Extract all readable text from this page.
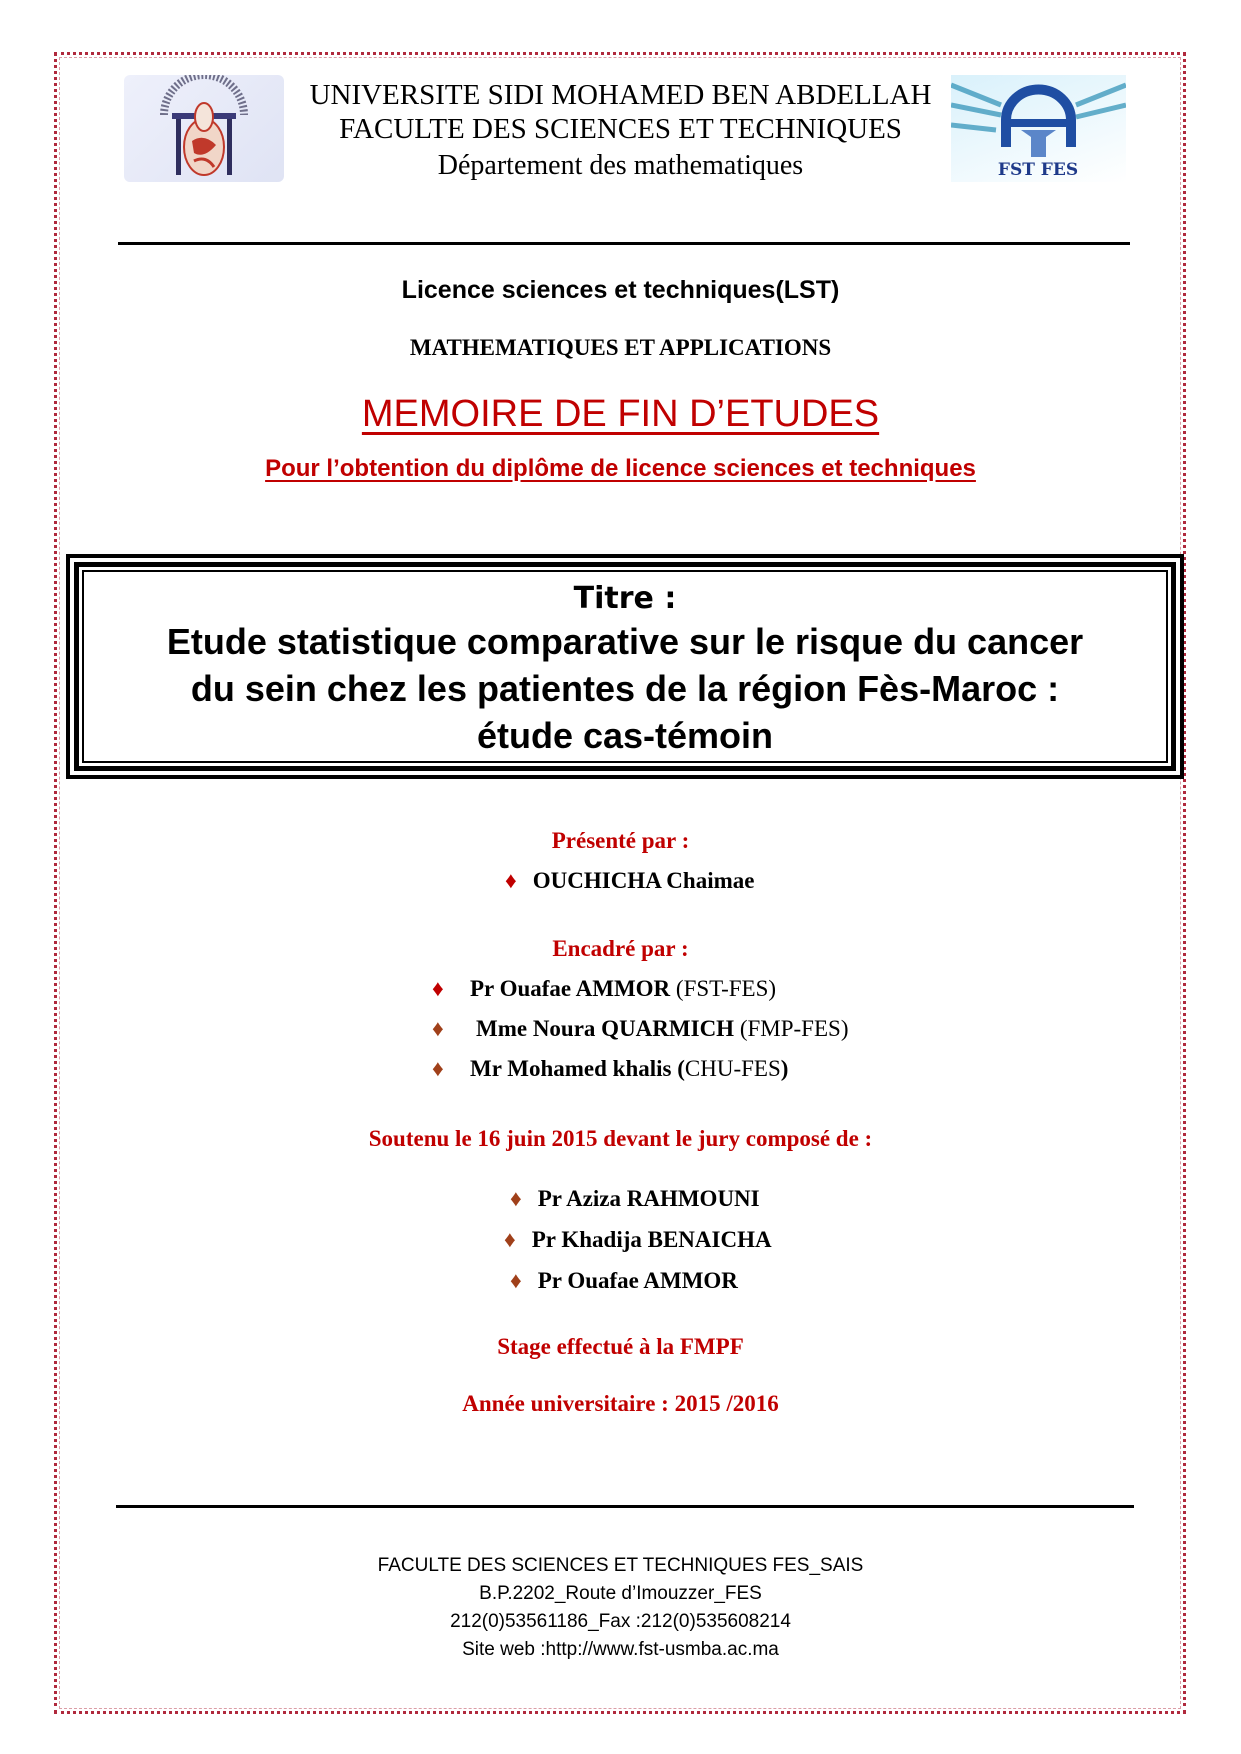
FST FES
UNIVERSITE SIDI MOHAMED BEN ABDELLAH
FACULTE DES SCIENCES ET TECHNIQUES
Département des mathematiques
Licence sciences et techniques(LST)
MATHEMATIQUES ET APPLICATIONS
MEMOIRE DE FIN D’ETUDES
Pour l’obtention du diplôme de licence sciences et techniques
Titre :
Etude statistique comparative sur le risque du cancer
du sein chez les patientes de la région Fès-Maroc :
étude cas-témoin
Présenté par :
♦ OUCHICHA Chaimae
Encadré par :
♦ Pr Ouafae AMMOR (FST-FES)
♦ Mme Noura QUARMICH (FMP-FES)
♦ Mr Mohamed khalis (CHU-FES)
Soutenu le 16 juin 2015 devant le jury composé de :
♦ Pr Aziza RAHMOUNI
♦ Pr Khadija BENAICHA
♦ Pr Ouafae AMMOR
Stage effectué à la FMPF
Année universitaire : 2015 /2016
FACULTE DES SCIENCES ET TECHNIQUES FES_SAIS
B.P.2202_Route d’Imouzzer_FES
212(0)53561186_Fax :212(0)535608214
Site web :http://www.fst-usmba.ac.ma
